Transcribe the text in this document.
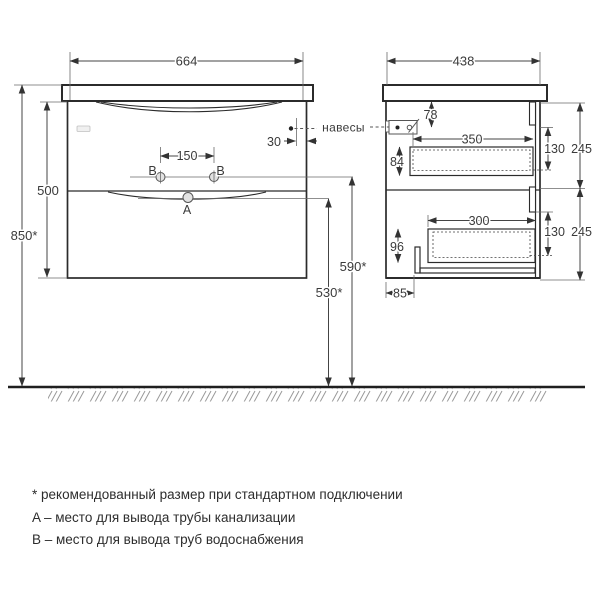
B	B
A
664
850*
500
150
30
590*
530*
438
78
350
84
300
96
85
130 245
130 245
навесы
* рекомендованный размер при стандартном подключении
A – место для вывода трубы канализации
B – место для вывода труб водоснабжения
